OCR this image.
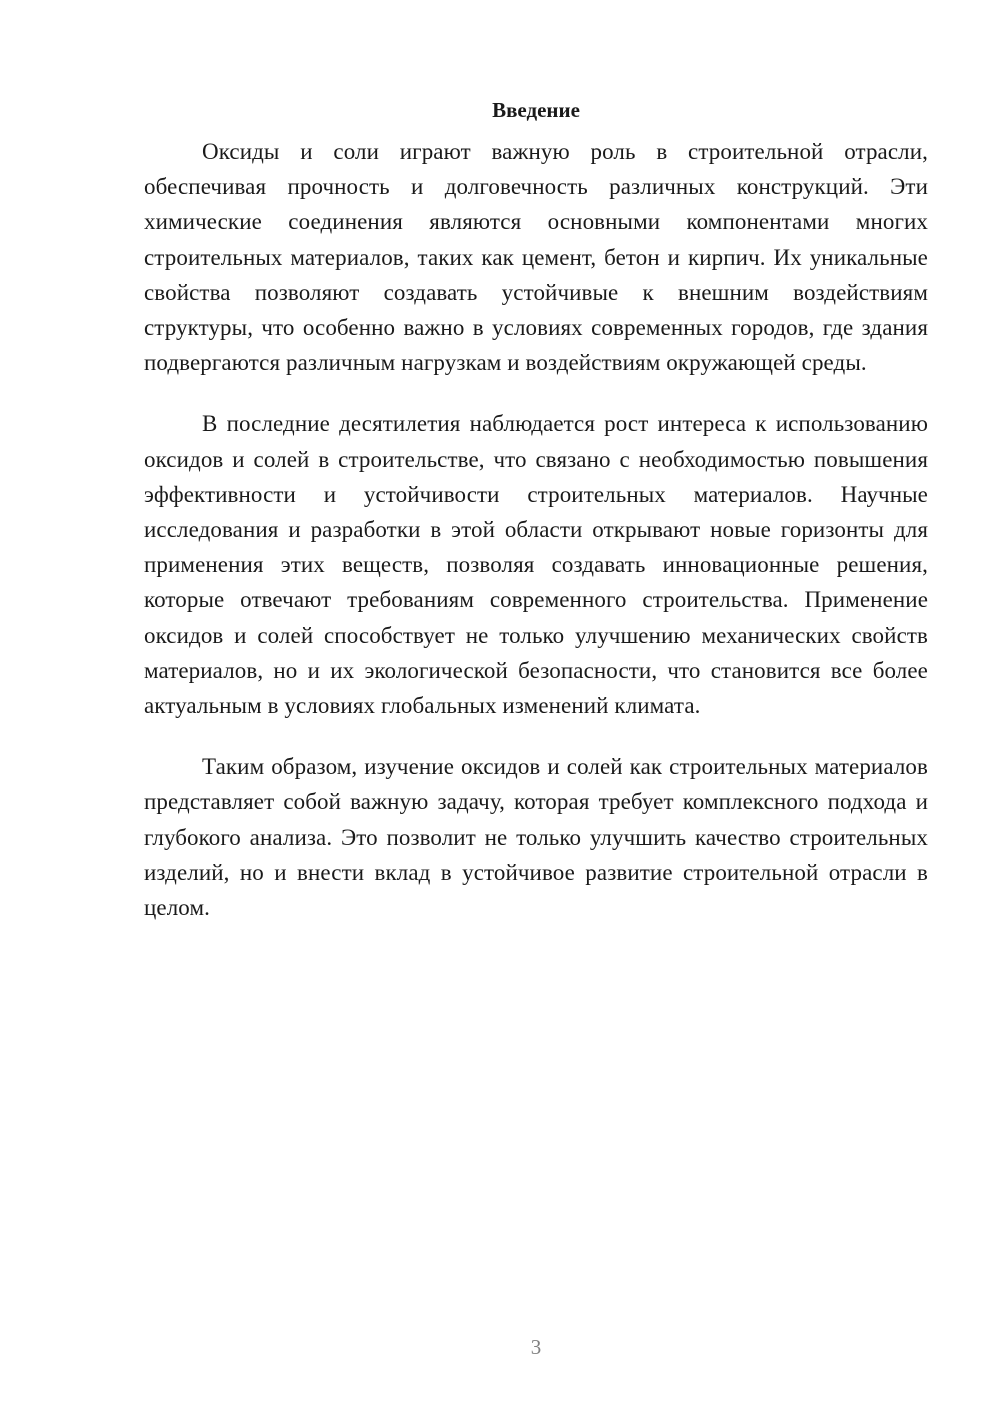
Введение

Оксиды и соли играют важную роль в строительной отрасли, обеспечивая прочность и долговечность различных конструкций. Эти химические соединения являются основными компонентами многих строительных материалов, таких как цемент, бетон и кирпич. Их уникальные свойства позволяют создавать устойчивые к внешним воздействиям структуры, что особенно важно в условиях современных городов, где здания подвергаются различным нагрузкам и воздействиям окружающей среды.

В последние десятилетия наблюдается рост интереса к использованию оксидов и солей в строительстве, что связано с необходимостью повышения эффективности и устойчивости строительных материалов. Научные исследования и разработки в этой области открывают новые горизонты для применения этих веществ, позволяя создавать инновационные решения, которые отвечают требованиям современного строительства. Применение оксидов и солей способствует не только улучшению механических свойств материалов, но и их экологической безопасности, что становится все более актуальным в условиях глобальных изменений климата.

Таким образом, изучение оксидов и солей как строительных материалов представляет собой важную задачу, которая требует комплексного подхода и глубокого анализа. Это позволит не только улучшить качество строительных изделий, но и внести вклад в устойчивое развитие строительной отрасли в целом.

3
